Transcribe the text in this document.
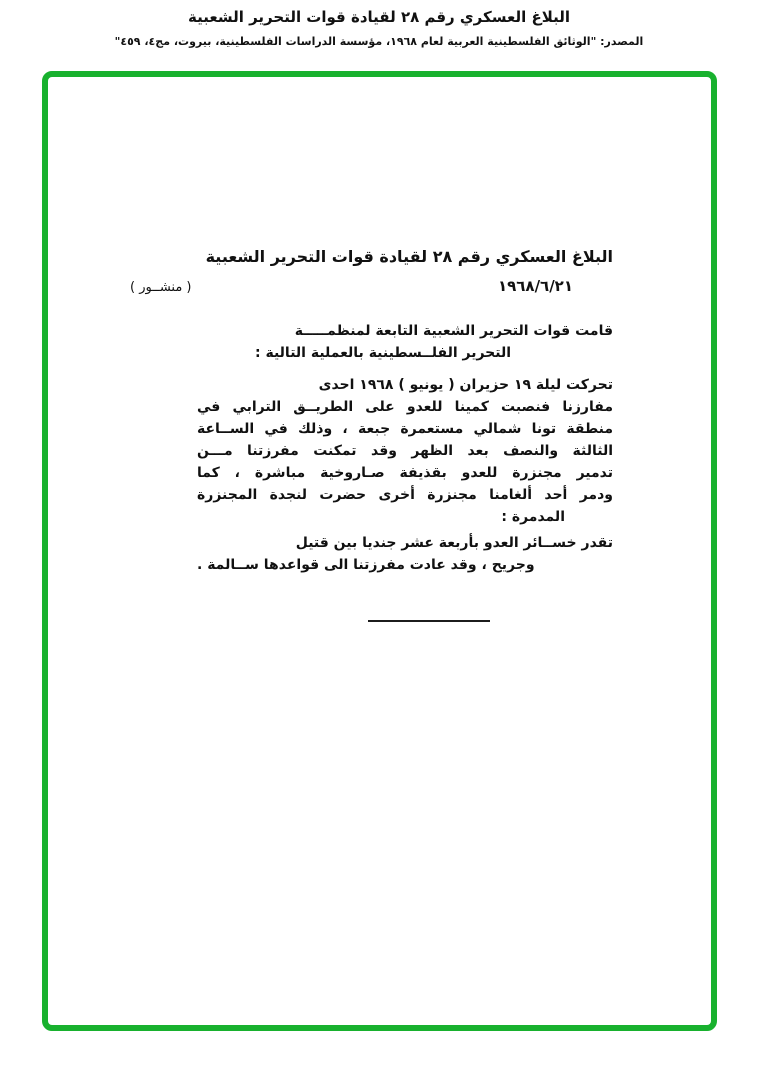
البلاغ العسكري رقم ٢٨ لقيادة قوات التحرير الشعبية
المصدر: "الوثائق الفلسطينية العربية لعام ١٩٦٨، مؤسسة الدراسات الفلسطينية، بيروت، مج٤، ٤٥٩"
البلاغ العسكري رقم ٢٨ لقيادة قوات التحرير الشعبية
( منشــور )	١٩٦٨/٦/٢١
قامت قوات التحرير الشعبية التابعة لمنظمـــــة
التحرير الفلــسطينية بالعملية التالية :
تحركت ليلة ١٩ حزيران ( يونيو ) ١٩٦٨ احدى
مفارزنا فنصبت كمينا للعدو على الطريــق الترابي في
منطقة تونا شمالي مستعمرة جبعة ، وذلك في الســاعة
الثالثة والنصف بعد الظهر وقد تمكنت مفرزتنا مـــن
تدمير مجنزرة للعدو بقذيفة صـاروخية مباشرة ، كما
ودمر أحد ألغامنا مجنزرة أخرى حضرت لنجدة المجنزرة
المدمرة :
تقدر خســائر العدو بأربعة عشر جنديا بين قتيل
وجريح ، وقد عادت مفرزتنا الى قواعدها ســالمة .
